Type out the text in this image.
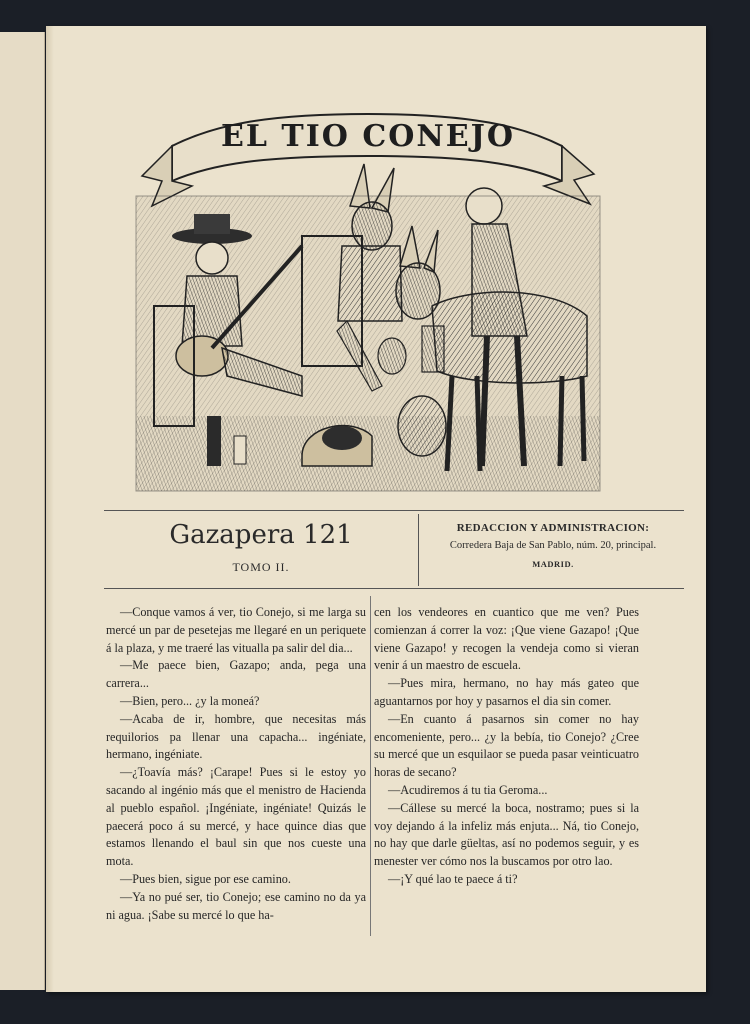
EL TIO CONEJO
Gazapera 121
TOMO II.
REDACCION Y ADMINISTRACION:
Corredera Baja de San Pablo, núm. 20, principal.
MADRID.

—Conque vamos á ver, tio Conejo, si me larga su mercé un par de pesetejas me llegaré en un periquete á la plaza, y me traeré las vitualla pa salir del dia...

—Me paece bien, Gazapo; anda, pega una carrera...

—Bien, pero... ¿y la moneá?

—Acaba de ir, hombre, que necesitas más requilorios pa llenar una capacha... ingéniate, hermano, ingéniate.

—¿Toavía más? ¡Carape! Pues si le estoy yo sacando al ingénio más que el menistro de Hacienda al pueblo español. ¡Ingéniate, ingéniate! Quizás le paecerá poco á su mercé, y hace quince dias que estamos llenando el baul sin que nos cueste una mota.

—Pues bien, sigue por ese camino.

—Ya no pué ser, tio Conejo; ese camino no da ya ni agua. ¡Sabe su mercé lo que ha-

cen los vendeores en cuantico que me ven? Pues comienzan á correr la voz: ¡Que viene Gazapo! ¡Que viene Gazapo! y recogen la vendeja como si vieran venir á un maestro de escuela.

—Pues mira, hermano, no hay más gateo que aguantarnos por hoy y pasarnos el dia sin comer.

—En cuanto á pasarnos sin comer no hay encomeniente, pero... ¿y la bebía, tio Conejo? ¿Cree su mercé que un esquilaor se pueda pasar veinticuatro horas de secano?

—Acudiremos á tu tia Geroma...

—Cállese su mercé la boca, nostramo; pues si la voy dejando á la infeliz más enjuta... Ná, tio Conejo, no hay que darle güeltas, así no podemos seguir, y es menester ver cómo nos la buscamos por otro lao.

—¡Y qué lao te paece á ti?
